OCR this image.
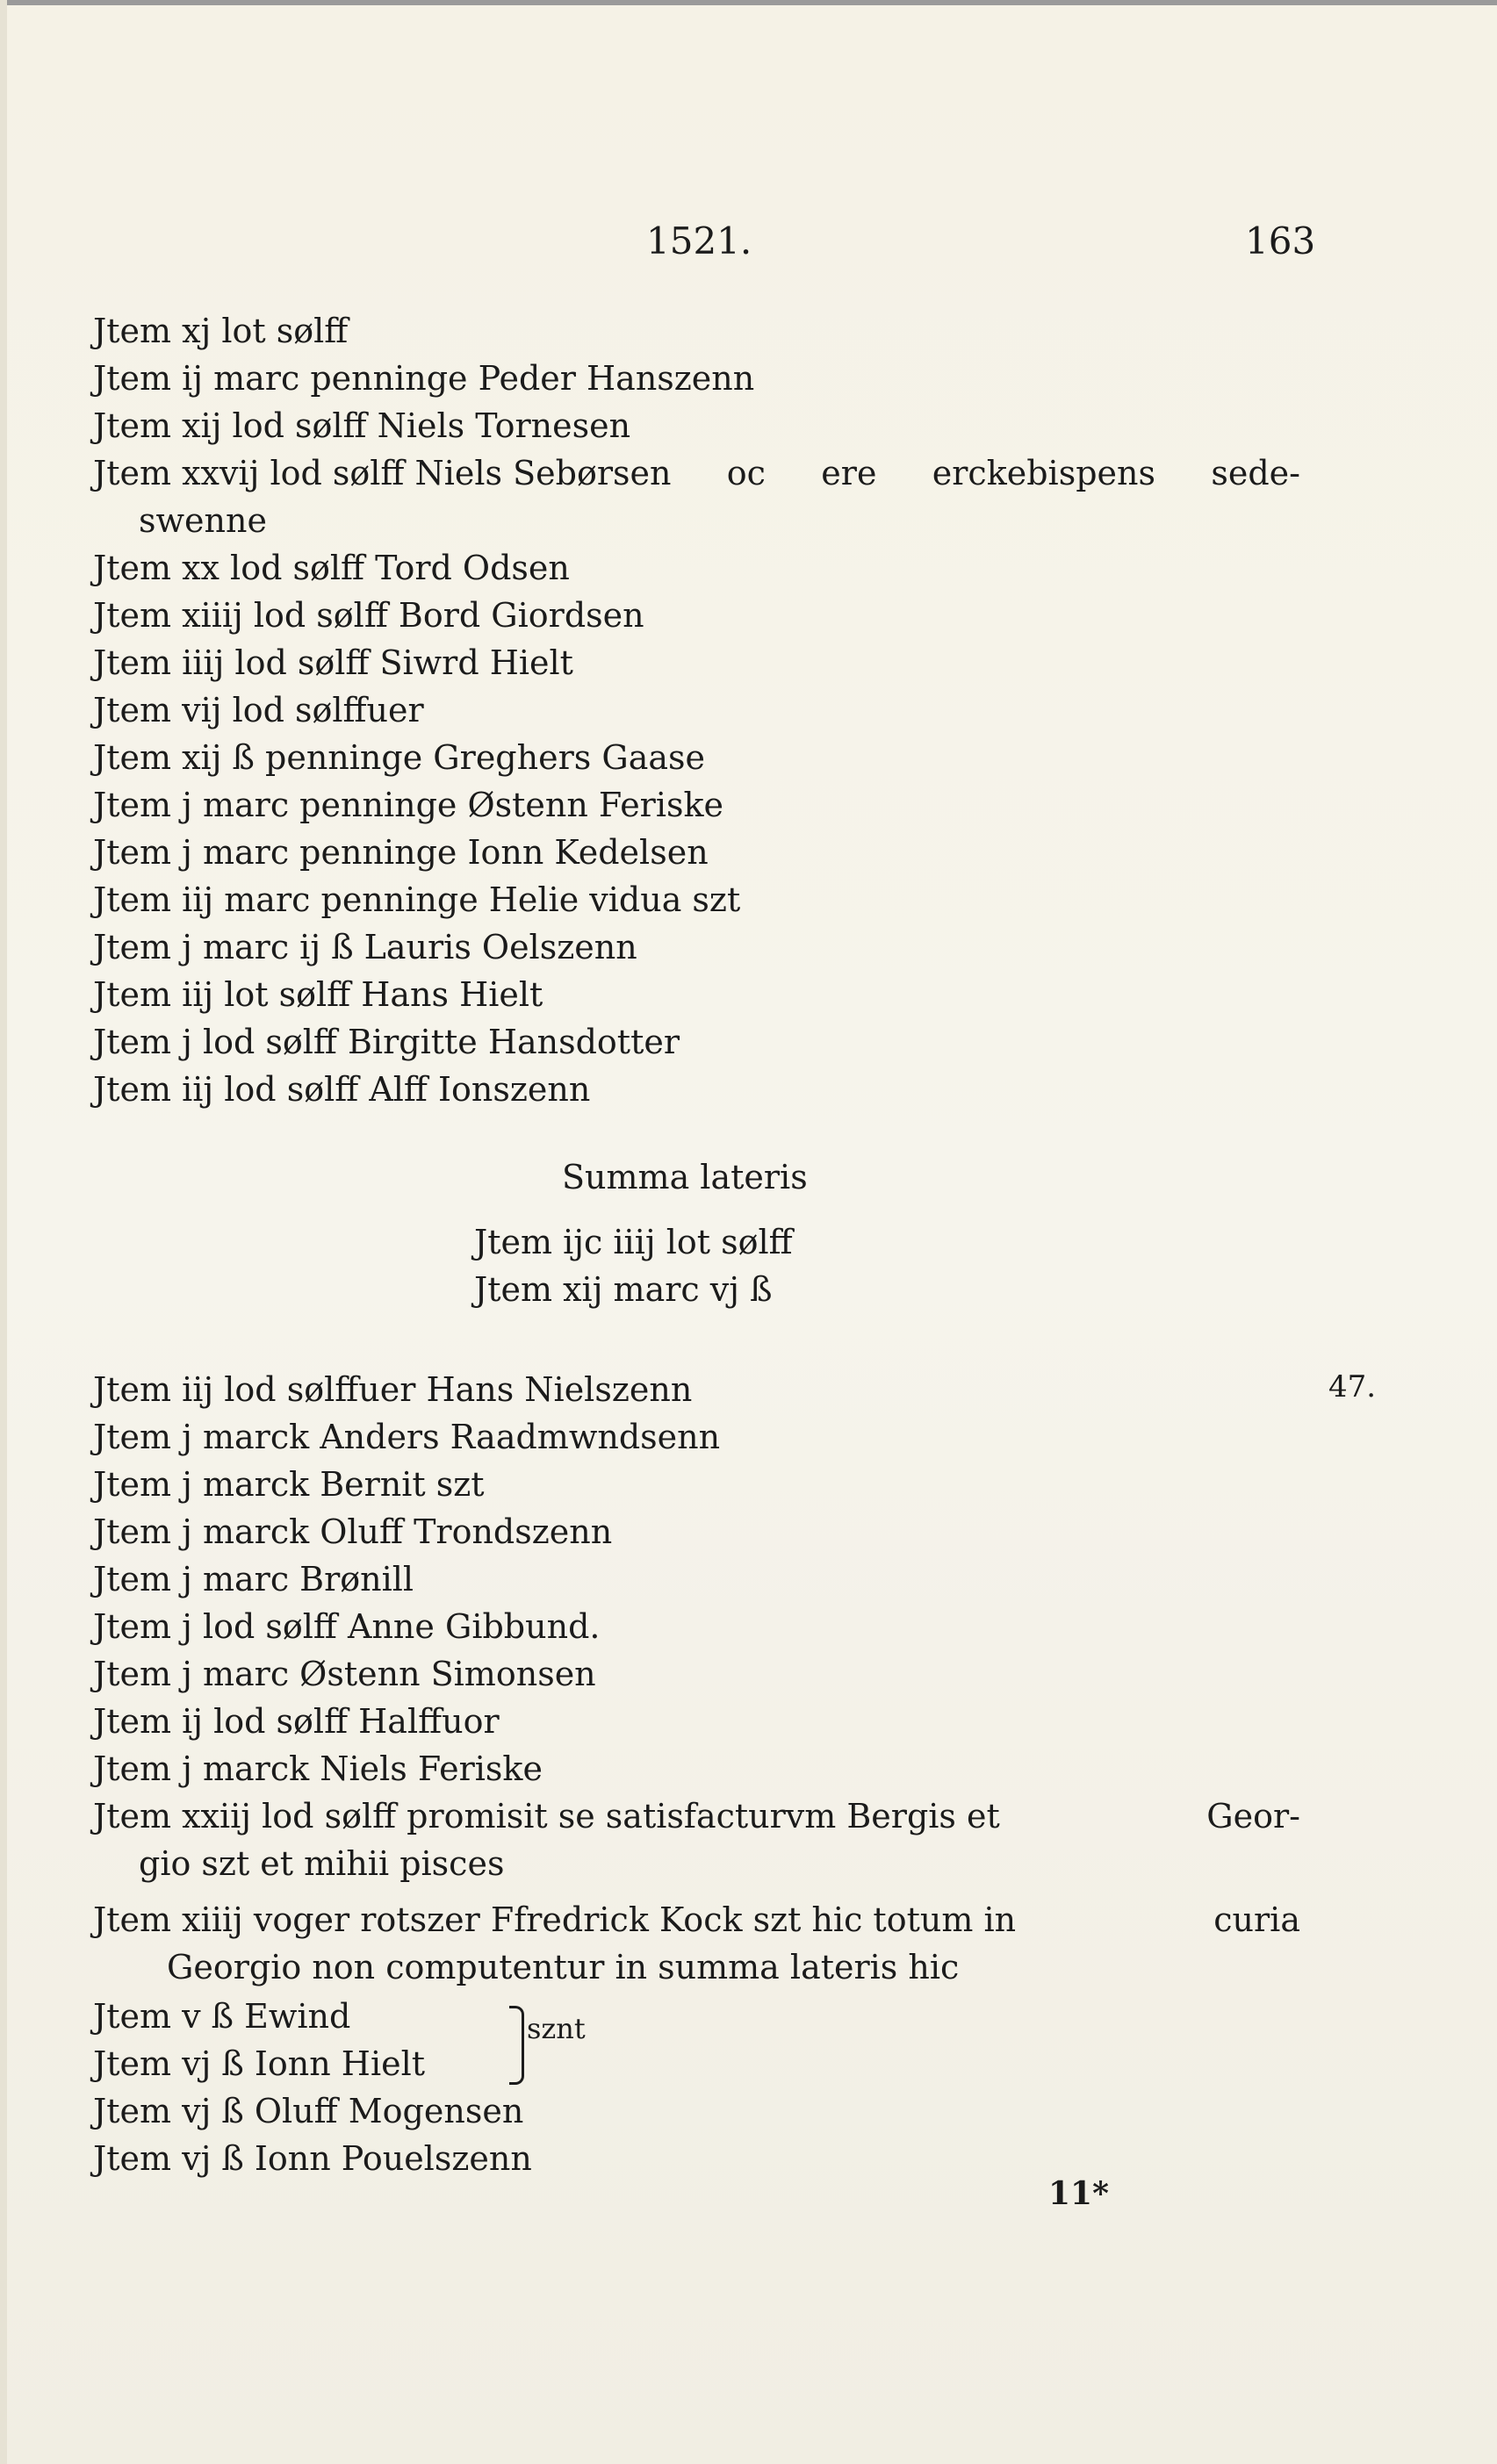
1521.	163
Jtem xj lot sølff
Jtem ij marc penninge Peder Hanszenn
Jtem xij lod sølff Niels Tornesen
Jtem xxvij lod sølff Niels Sebørsen oc ere erckebispens sede-
swenne
Jtem xx lod sølff Tord Odsen
Jtem xiiij lod sølff Bord Giordsen
Jtem iiij lod sølff Siwrd Hielt
Jtem vij lod sølffuer
Jtem xij ß penninge Greghers Gaase
Jtem j marc penninge Østenn Feriske
Jtem j marc penninge Ionn Kedelsen
Jtem iij marc penninge Helie vidua szt
Jtem j marc ij ß Lauris Oelszenn
Jtem iij lot sølff Hans Hielt
Jtem j lod sølff Birgitte Hansdotter
Jtem iij lod sølff Alff Ionszenn
Summa lateris
Jtem ijc iiij lot sølff
Jtem xij marc vj ß
47.
Jtem iij lod sølffuer Hans Nielszenn
Jtem j marck Anders Raadmwndsenn
Jtem j marck Bernit szt
Jtem j marck Oluff Trondszenn
Jtem j marc Brønill
Jtem j lod sølff Anne Gibbund.
Jtem j marc Østenn Simonsen
Jtem ij lod sølff Halffuor
Jtem j marck Niels Feriske
Jtem xxiij lod sølff promisit se satisfacturvm Bergis et	Geor-
gio szt et mihii pisces
Jtem xiiij voger rotszer Ffredrick Kock szt hic totum in	curia
Georgio non computentur in summa lateris hic
Jtem v ß Ewind
Jtem vj ß Ionn Hielt
sznt
Jtem vj ß Oluff Mogensen
Jtem vj ß Ionn Pouelszenn
11*
